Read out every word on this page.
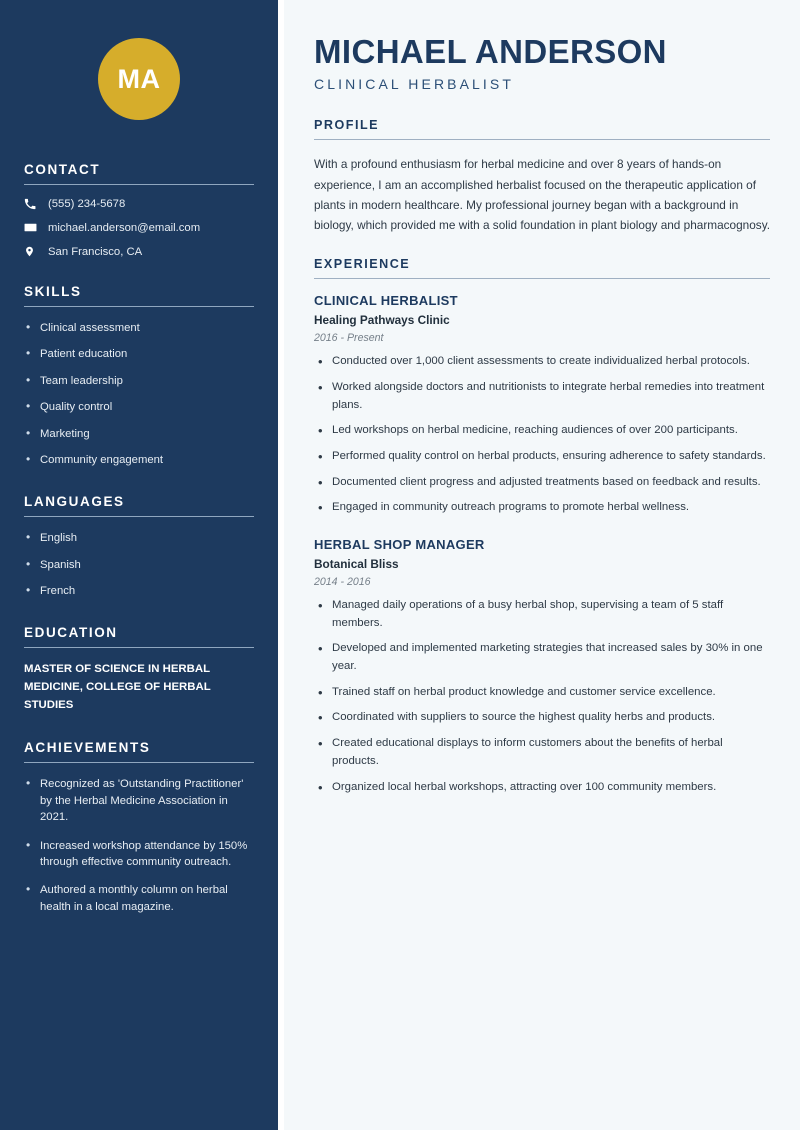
MA
CONTACT
(555) 234-5678
michael.anderson@email.com
San Francisco, CA
SKILLS
• Clinical assessment
• Patient education
• Team leadership
• Quality control
• Marketing
• Community engagement
LANGUAGES
• English
• Spanish
• French
EDUCATION
MASTER OF SCIENCE IN HERBAL MEDICINE, COLLEGE OF HERBAL STUDIES
ACHIEVEMENTS
• Recognized as 'Outstanding Practitioner' by the Herbal Medicine Association in 2021.
• Increased workshop attendance by 150% through effective community outreach.
• Authored a monthly column on herbal health in a local magazine.
MICHAEL ANDERSON
CLINICAL HERBALIST
PROFILE

With a profound enthusiasm for herbal medicine and over 8 years of hands-on experience, I am an accomplished herbalist focused on the therapeutic application of plants in modern healthcare. My professional journey began with a background in biology, which provided me with a solid foundation in plant biology and pharmacognosy.

EXPERIENCE
CLINICAL HERBALIST
Healing Pathways Clinic
2016 - Present
• Conducted over 1,000 client assessments to create individualized herbal protocols.
• Worked alongside doctors and nutritionists to integrate herbal remedies into treatment plans.
• Led workshops on herbal medicine, reaching audiences of over 200 participants.
• Performed quality control on herbal products, ensuring adherence to safety standards.
• Documented client progress and adjusted treatments based on feedback and results.
• Engaged in community outreach programs to promote herbal wellness.
HERBAL SHOP MANAGER
Botanical Bliss
2014 - 2016
• Managed daily operations of a busy herbal shop, supervising a team of 5 staff members.
• Developed and implemented marketing strategies that increased sales by 30% in one year.
• Trained staff on herbal product knowledge and customer service excellence.
• Coordinated with suppliers to source the highest quality herbs and products.
• Created educational displays to inform customers about the benefits of herbal products.
• Organized local herbal workshops, attracting over 100 community members.
